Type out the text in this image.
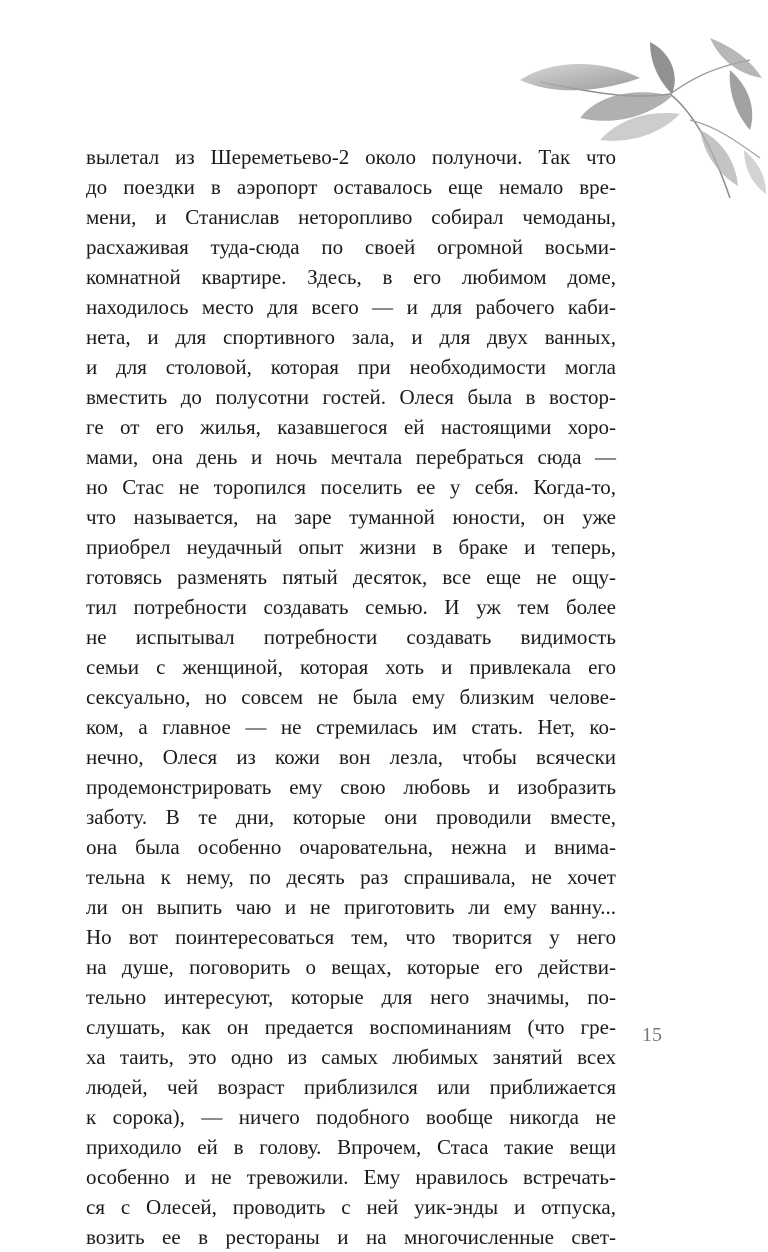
вылетал из Шереметьево-2 около полуночи. Так что
до поездки в аэропорт оставалось еще немало вре-
мени, и Станислав неторопливо собирал чемоданы,
расхаживая туда-сюда по своей огромной восьми-
комнатной квартире. Здесь, в его любимом доме,
находилось место для всего — и для рабочего каби-
нета, и для спортивного зала, и для двух ванных,
и для столовой, которая при необходимости могла
вместить до полусотни гостей. Олеся была в востор-
ге от его жилья, казавшегося ей настоящими хоро-
мами, она день и ночь мечтала перебраться сюда —
но Стас не торопился поселить ее у себя. Когда-то,
что называется, на заре туманной юности, он уже
приобрел неудачный опыт жизни в браке и теперь,
готовясь разменять пятый десяток, все еще не ощу-
тил потребности создавать семью. И уж тем более
не испытывал потребности создавать видимость
семьи с женщиной, которая хоть и привлекала его
сексуально, но совсем не была ему близким челове-
ком, а главное — не стремилась им стать. Нет, ко-
нечно, Олеся из кожи вон лезла, чтобы всячески
продемонстрировать ему свою любовь и изобразить
заботу. В те дни, которые они проводили вместе,
она была особенно очаровательна, нежна и внима-
тельна к нему, по десять раз спрашивала, не хочет
ли он выпить чаю и не приготовить ли ему ванну...
Но вот поинтересоваться тем, что творится у него
на душе, поговорить о вещах, которые его действи-
тельно интересуют, которые для него значимы, по-
слушать, как он предается воспоминаниям (что гре-
ха таить, это одно из самых любимых занятий всех
людей, чей возраст приблизился или приближается
к сорока), — ничего подобного вообще никогда не
приходило ей в голову. Впрочем, Стаса такие вещи
особенно и не тревожили. Ему нравилось встречать-
ся с Олесей, проводить с ней уик-энды и отпуска,
возить ее в рестораны и на многочисленные свет-
15
